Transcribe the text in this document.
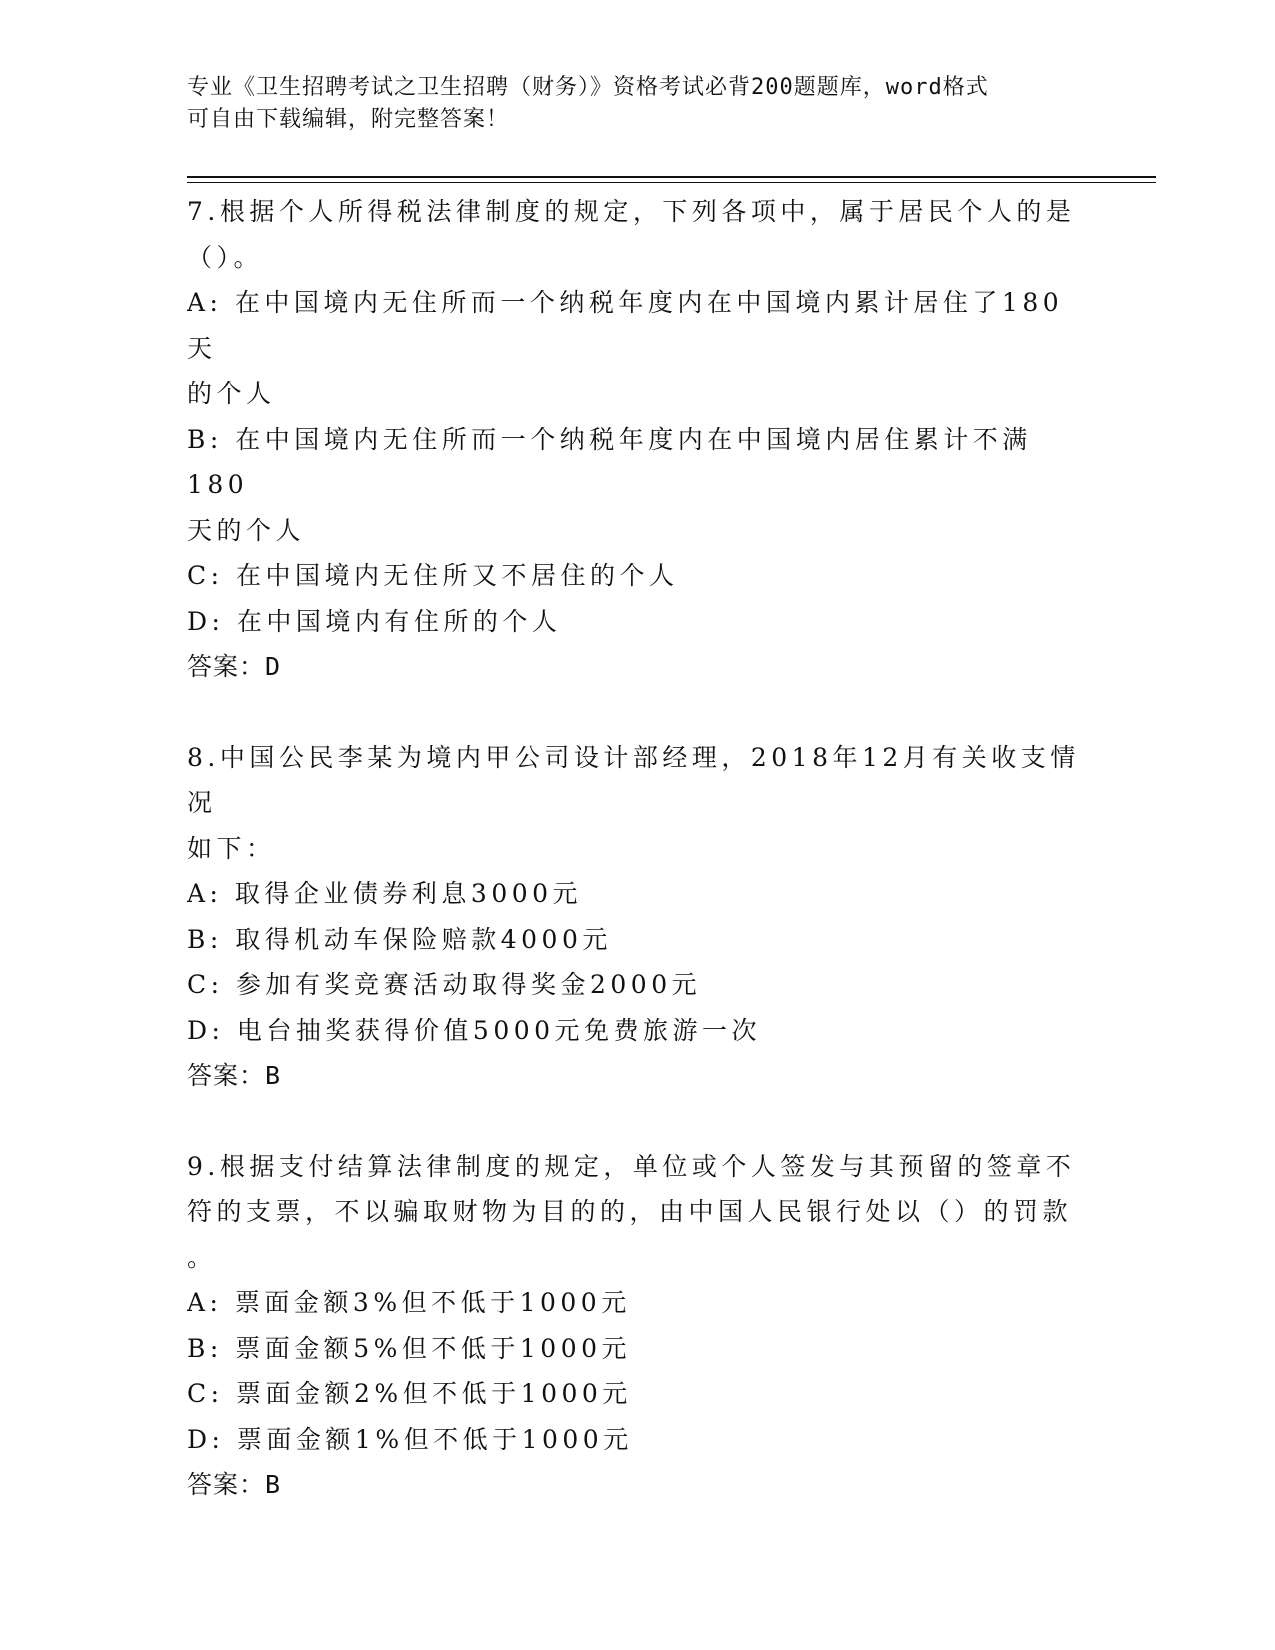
专业《卫生招聘考试之卫生招聘（财务）》资格考试必背200题题库，word格式
可自由下载编辑，附完整答案！
7.根据个人所得税法律制度的规定，下列各项中，属于居民个人的是
（）。
A: 在中国境内无住所而一个纳税年度内在中国境内累计居住了180天
的个人
B: 在中国境内无住所而一个纳税年度内在中国境内居住累计不满180
天的个人
C: 在中国境内无住所又不居住的个人
D: 在中国境内有住所的个人
答案：D
8.中国公民李某为境内甲公司设计部经理，2018年12月有关收支情况
如下：
A: 取得企业债券利息3000元
B: 取得机动车保险赔款4000元
C: 参加有奖竞赛活动取得奖金2000元
D: 电台抽奖获得价值5000元免费旅游一次
答案：B
9.根据支付结算法律制度的规定，单位或个人签发与其预留的签章不
符的支票，不以骗取财物为目的的，由中国人民银行处以（）的罚款
。
A: 票面金额3%但不低于1000元
B: 票面金额5%但不低于1000元
C: 票面金额2%但不低于1000元
D: 票面金额1%但不低于1000元
答案：B
